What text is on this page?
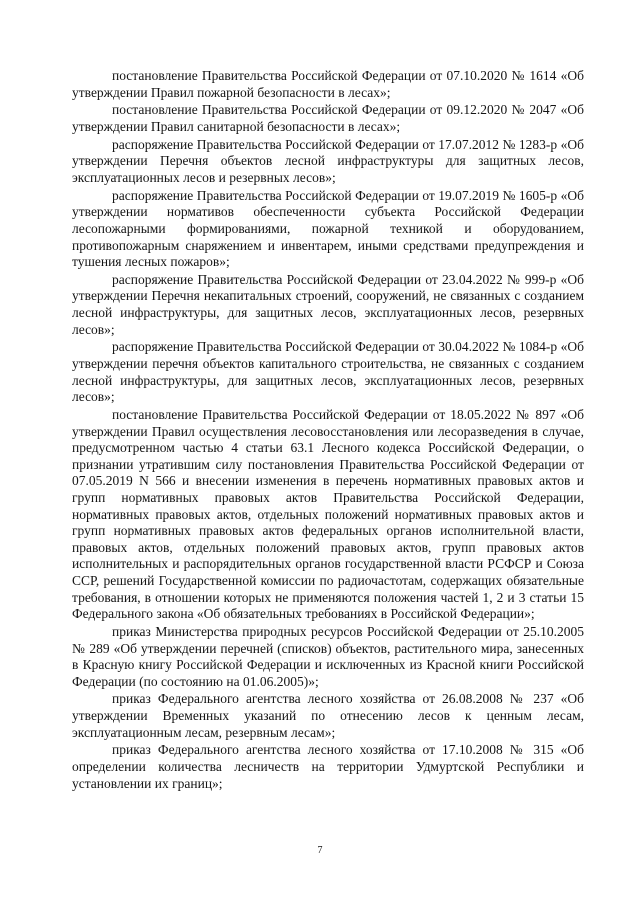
постановление Правительства Российской Федерации от 07.10.2020 № 1614 «Об утверждении Правил пожарной безопасности в лесах»;

постановление Правительства Российской Федерации от 09.12.2020 № 2047 «Об утверждении Правил санитарной безопасности в лесах»;

распоряжение Правительства Российской Федерации от 17.07.2012 № 1283-р «Об утверждении Перечня объектов лесной инфраструктуры для защитных лесов, эксплуатационных лесов и резервных лесов»;

распоряжение Правительства Российской Федерации от 19.07.2019 № 1605-р «Об утверждении нормативов обеспеченности субъекта Российской Федерации лесопожарными формированиями, пожарной техникой и оборудованием, противопожарным снаряжением и инвентарем, иными средствами предупреждения и тушения лесных пожаров»;

распоряжение Правительства Российской Федерации от 23.04.2022 № 999-р «Об утверждении Перечня некапитальных строений, сооружений, не связанных с созданием лесной инфраструктуры, для защитных лесов, эксплуатационных лесов, резервных лесов»;

распоряжение Правительства Российской Федерации от 30.04.2022 № 1084-р «Об утверждении перечня объектов капитального строительства, не связанных с созданием лесной инфраструктуры, для защитных лесов, эксплуатационных лесов, резервных лесов»;

постановление Правительства Российской Федерации от 18.05.2022 № 897 «Об утверждении Правил осуществления лесовосстановления или лесоразведения в случае, предусмотренном частью 4 статьи 63.1 Лесного кодекса Российской Федерации, о признании утратившим силу постановления Правительства Российской Федерации от 07.05.2019 N 566 и внесении изменения в перечень нормативных правовых актов и групп нормативных правовых актов Правительства Российской Федерации, нормативных правовых актов, отдельных положений нормативных правовых актов и групп нормативных правовых актов федеральных органов исполнительной власти, правовых актов, отдельных положений правовых актов, групп правовых актов исполнительных и распорядительных органов государственной власти РСФСР и Союза ССР, решений Государственной комиссии по радиочастотам, содержащих обязательные требования, в отношении которых не применяются положения частей 1, 2 и 3 статьи 15 Федерального закона «Об обязательных требованиях в Российской Федерации»;

приказ Министерства природных ресурсов Российской Федерации от 25.10.2005 № 289 «Об утверждении перечней (списков) объектов, растительного мира, занесенных в Красную книгу Российской Федерации и исключенных из Красной книги Российской Федерации (по состоянию на 01.06.2005)»;

приказ Федерального агентства лесного хозяйства от 26.08.2008 № 237 «Об утверждении Временных указаний по отнесению лесов к ценным лесам, эксплуатационным лесам, резервным лесам»;

приказ Федерального агентства лесного хозяйства от 17.10.2008 № 315 «Об определении количества лесничеств на территории Удмуртской Республики и установлении их границ»;

7
